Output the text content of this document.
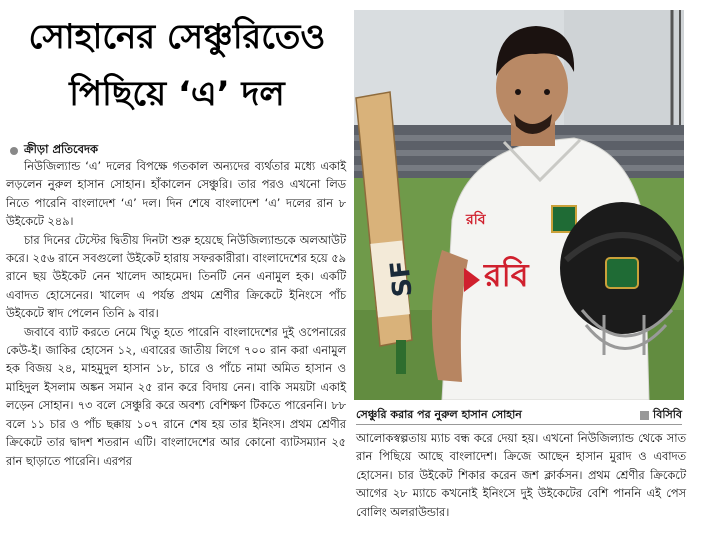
সোহানের সেঞ্চুরিতেও
পিছিয়ে ‘এ’ দল
ক্রীড়া প্রতিবেদক

নিউজিল্যান্ড ‘এ’ দলের বিপক্ষে গতকাল অন্যদের ব্যর্থতার মধ্যে একাই লড়লেন নুরুল হাসান সোহান। হাঁকালেন সেঞ্চুরি। তার পরও এখনো লিড নিতে পারেনি বাংলাদেশ ‘এ’ দল। দিন শেষে বাংলাদেশ ‘এ’ দলের রান ৮ উইকেটে ২৪৯।

চার দিনের টেস্টের দ্বিতীয় দিনটা শুরু হয়েছে নিউজিল্যান্ডকে অলআউট করে। ২৫৬ রানে সবগুলো উইকেট হারায় সফরকারীরা। বাংলাদেশের হয়ে ৫৯ রানে ছয় উইকেট নেন খালেদ আহমেদ। তিনটি নেন এনামুল হক। একটি এবাদত হোসেনের। খালেদ এ পর্যন্ত প্রথম শ্রেণীর ক্রিকেটে ইনিংসে পাঁচ উইকেটে স্বাদ পেলেন তিনি ৯ বার।

জবাবে ব্যাট করতে নেমে খিতু হতে পারেনি বাংলাদেশের দুই ওপেনারের কেউ-ই। জাকির হোসেন ১২, এবারের জাতীয় লিগে ৭০০ রান করা এনামুল হক বিজয় ২৪, মাহমুদুল হাসান ১৮, চারে ও পাঁচে নামা অমিত হাসান ও মাহিদুল ইসলাম অঙ্কন সমান ২৫ রান করে বিদায় নেন। বাকি সময়টা একাই লড়েন সোহান। ৭৩ বলে সেঞ্চুরি করে অবশ্য বেশিক্ষণ টিকতে পারেননি। ৮৮ বলে ১১ চার ও পাঁচ ছক্কায় ১০৭ রানে শেষ হয় তার ইনিংস। প্রথম শ্রেণীর ক্রিকেটে তার দ্বাদশ শতরান এটি। বাংলাদেশের আর কোনো ব্যাটসম্যান ২৫ রান ছাড়াতে পারেনি। এরপর

SF
রবি
রবি
সেঞ্চুরি করার পর নুরুল হাসান সোহান	বিসিবি

আলোকস্বল্পতায় ম্যাচ বন্ধ করে দেয়া হয়। এখনো নিউজিল্যান্ড থেকে সাত রান পিছিয়ে আছে বাংলাদেশ। ক্রিজে আছেন হাসান মুরাদ ও এবাদত হোসেন। চার উইকেট শিকার করেন জশ ক্লার্কসন। প্রথম শ্রেণীর ক্রিকেটে আগের ২৮ ম্যাচে কখনোই ইনিংসে দুই উইকেটের বেশি পাননি এই পেস বোলিং অলরাউন্ডার।
